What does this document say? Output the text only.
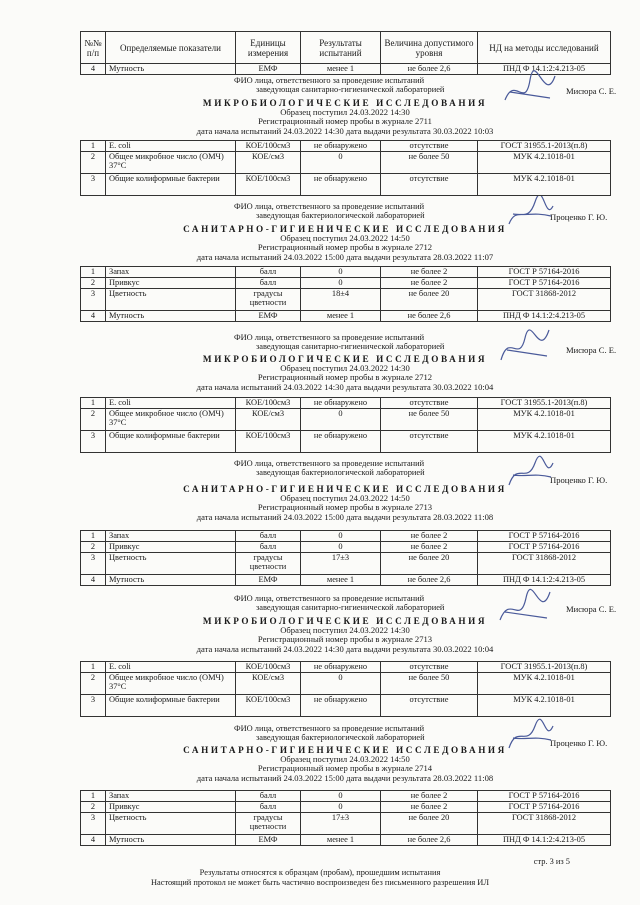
№№ п/п	Определяемые показатели	Единицы измерения	Результаты испытаний	Величина допустимого уровня	НД на методы исследований
4	Мутность	ЕМФ	менее 1	не более 2,6	ПНД Ф 14.1:2:4.213-05
ФИО лица, ответственного за проведение испытаний
заведующая санитарно-гигиенической лабораторией	Мисюра С. Е.
МИКРОБИОЛОГИЧЕСКИЕ ИССЛЕДОВАНИЯ
Образец поступил 24.03.2022 14:30
Регистрационный номер пробы в журнале 2711
дата начала испытаний 24.03.2022 14:30 дата выдачи результата 30.03.2022 10:03
1	E. coli	КОЕ/100см3	не обнаружено	отсутствие	ГОСТ 31955.1-2013(п.8)
2	Общее микробное число (ОМЧ) 37°С	КОЕ/см3	0	не более 50	МУК 4.2.1018-01
3	Общие колиформные бактерии	КОЕ/100см3	не обнаружено	отсутствие	МУК 4.2.1018-01
ФИО лица, ответственного за проведение испытаний
заведующая бактериологической лабораторией	Проценко Г. Ю.
САНИТАРНО-ГИГИЕНИЧЕСКИЕ ИССЛЕДОВАНИЯ
Образец поступил 24.03.2022 14:50
Регистрационный номер пробы в журнале 2712
дата начала испытаний 24.03.2022 15:00 дата выдачи результата 28.03.2022 11:07
1	Запах	балл	0	не более 2	ГОСТ Р 57164-2016
2	Привкус	балл	0	не более 2	ГОСТ Р 57164-2016
3	Цветность	градусы цветности	18±4	не более 20	ГОСТ 31868-2012
4	Мутность	ЕМФ	менее 1	не более 2,6	ПНД Ф 14.1:2:4.213-05
ФИО лица, ответственного за проведение испытаний
заведующая санитарно-гигиенической лабораторией	Мисюра С. Е.
МИКРОБИОЛОГИЧЕСКИЕ ИССЛЕДОВАНИЯ
Образец поступил 24.03.2022 14:30
Регистрационный номер пробы в журнале 2712
дата начала испытаний 24.03.2022 14:30 дата выдачи результата 30.03.2022 10:04
1	E. coli	КОЕ/100см3	не обнаружено	отсутствие	ГОСТ 31955.1-2013(п.8)
2	Общее микробное число (ОМЧ) 37°С	КОЕ/см3	0	не более 50	МУК 4.2.1018-01
3	Общие колиформные бактерии	КОЕ/100см3	не обнаружено	отсутствие	МУК 4.2.1018-01
ФИО лица, ответственного за проведение испытаний
заведующая бактериологической лабораторией
Проценко Г. Ю.
САНИТАРНО-ГИГИЕНИЧЕСКИЕ ИССЛЕДОВАНИЯ
Образец поступил 24.03.2022 14:50
Регистрационный номер пробы в журнале 2713
дата начала испытаний 24.03.2022 15:00 дата выдачи результата 28.03.2022 11:08
1	Запах	балл	0	не более 2	ГОСТ Р 57164-2016
2	Привкус	балл	0	не более 2	ГОСТ Р 57164-2016
3	Цветность	градусы цветности	17±3	не более 20	ГОСТ 31868-2012
4	Мутность	ЕМФ	менее 1	не более 2,6	ПНД Ф 14.1:2:4.213-05
ФИО лица, ответственного за проведение испытаний
заведующая санитарно-гигиенической лабораторией	Мисюра С. Е.
МИКРОБИОЛОГИЧЕСКИЕ ИССЛЕДОВАНИЯ
Образец поступил 24.03.2022 14:30
Регистрационный номер пробы в журнале 2713
дата начала испытаний 24.03.2022 14:30 дата выдачи результата 30.03.2022 10:04
1	E. coli	КОЕ/100см3	не обнаружено	отсутствие	ГОСТ 31955.1-2013(п.8)
2	Общее микробное число (ОМЧ) 37°С	КОЕ/см3	0	не более 50	МУК 4.2.1018-01
3	Общие колиформные бактерии	КОЕ/100см3	не обнаружено	отсутствие	МУК 4.2.1018-01
ФИО лица, ответственного за проведение испытаний
заведующая бактериологической лабораторией
Проценко Г. Ю.
САНИТАРНО-ГИГИЕНИЧЕСКИЕ ИССЛЕДОВАНИЯ
Образец поступил 24.03.2022 14:50
Регистрационный номер пробы в журнале 2714
дата начала испытаний 24.03.2022 15:00 дата выдачи результата 28.03.2022 11:08
1	Запах	балл	0	не более 2	ГОСТ Р 57164-2016
2	Привкус	балл	0	не более 2	ГОСТ Р 57164-2016
3	Цветность	градусы цветности	17±3	не более 20	ГОСТ 31868-2012
4	Мутность	ЕМФ	менее 1	не более 2,6	ПНД Ф 14.1:2:4.213-05
стр. 3 из 5
Результаты относятся к образцам (пробам), прошедшим испытания
Настоящий протокол не может быть частично воспроизведен без письменного разрешения ИЛ
